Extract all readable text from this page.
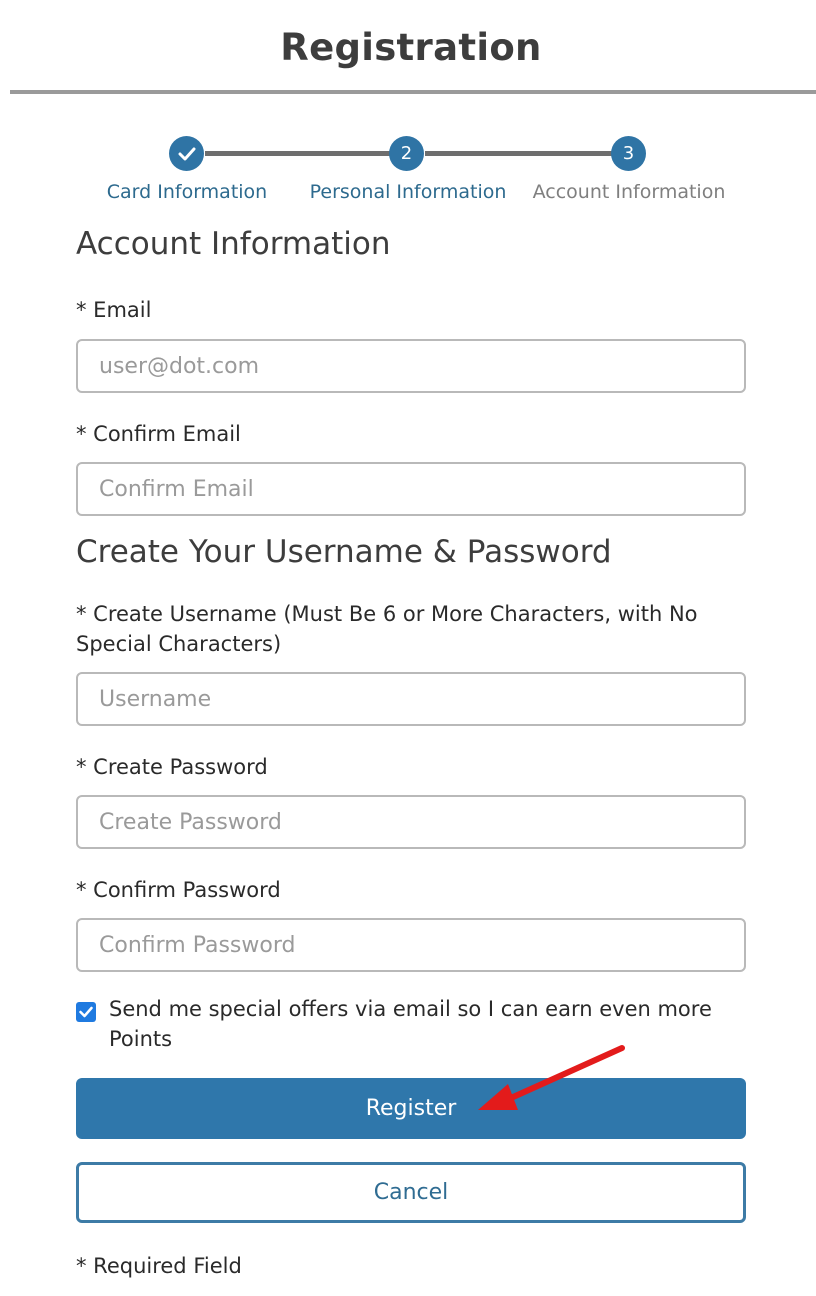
Registration
2	3
Card Information	Personal Information	Account Information
Account Information
* Email
user@dot.com
* Confirm Email
Confirm Email
Create Your Username & Password
* Create Username (Must Be 6 or More Characters, with No Special Characters)
Username
* Create Password
* Confirm Password
Send me special offers via email so I can earn even more Points
Register
Cancel
* Required Field
